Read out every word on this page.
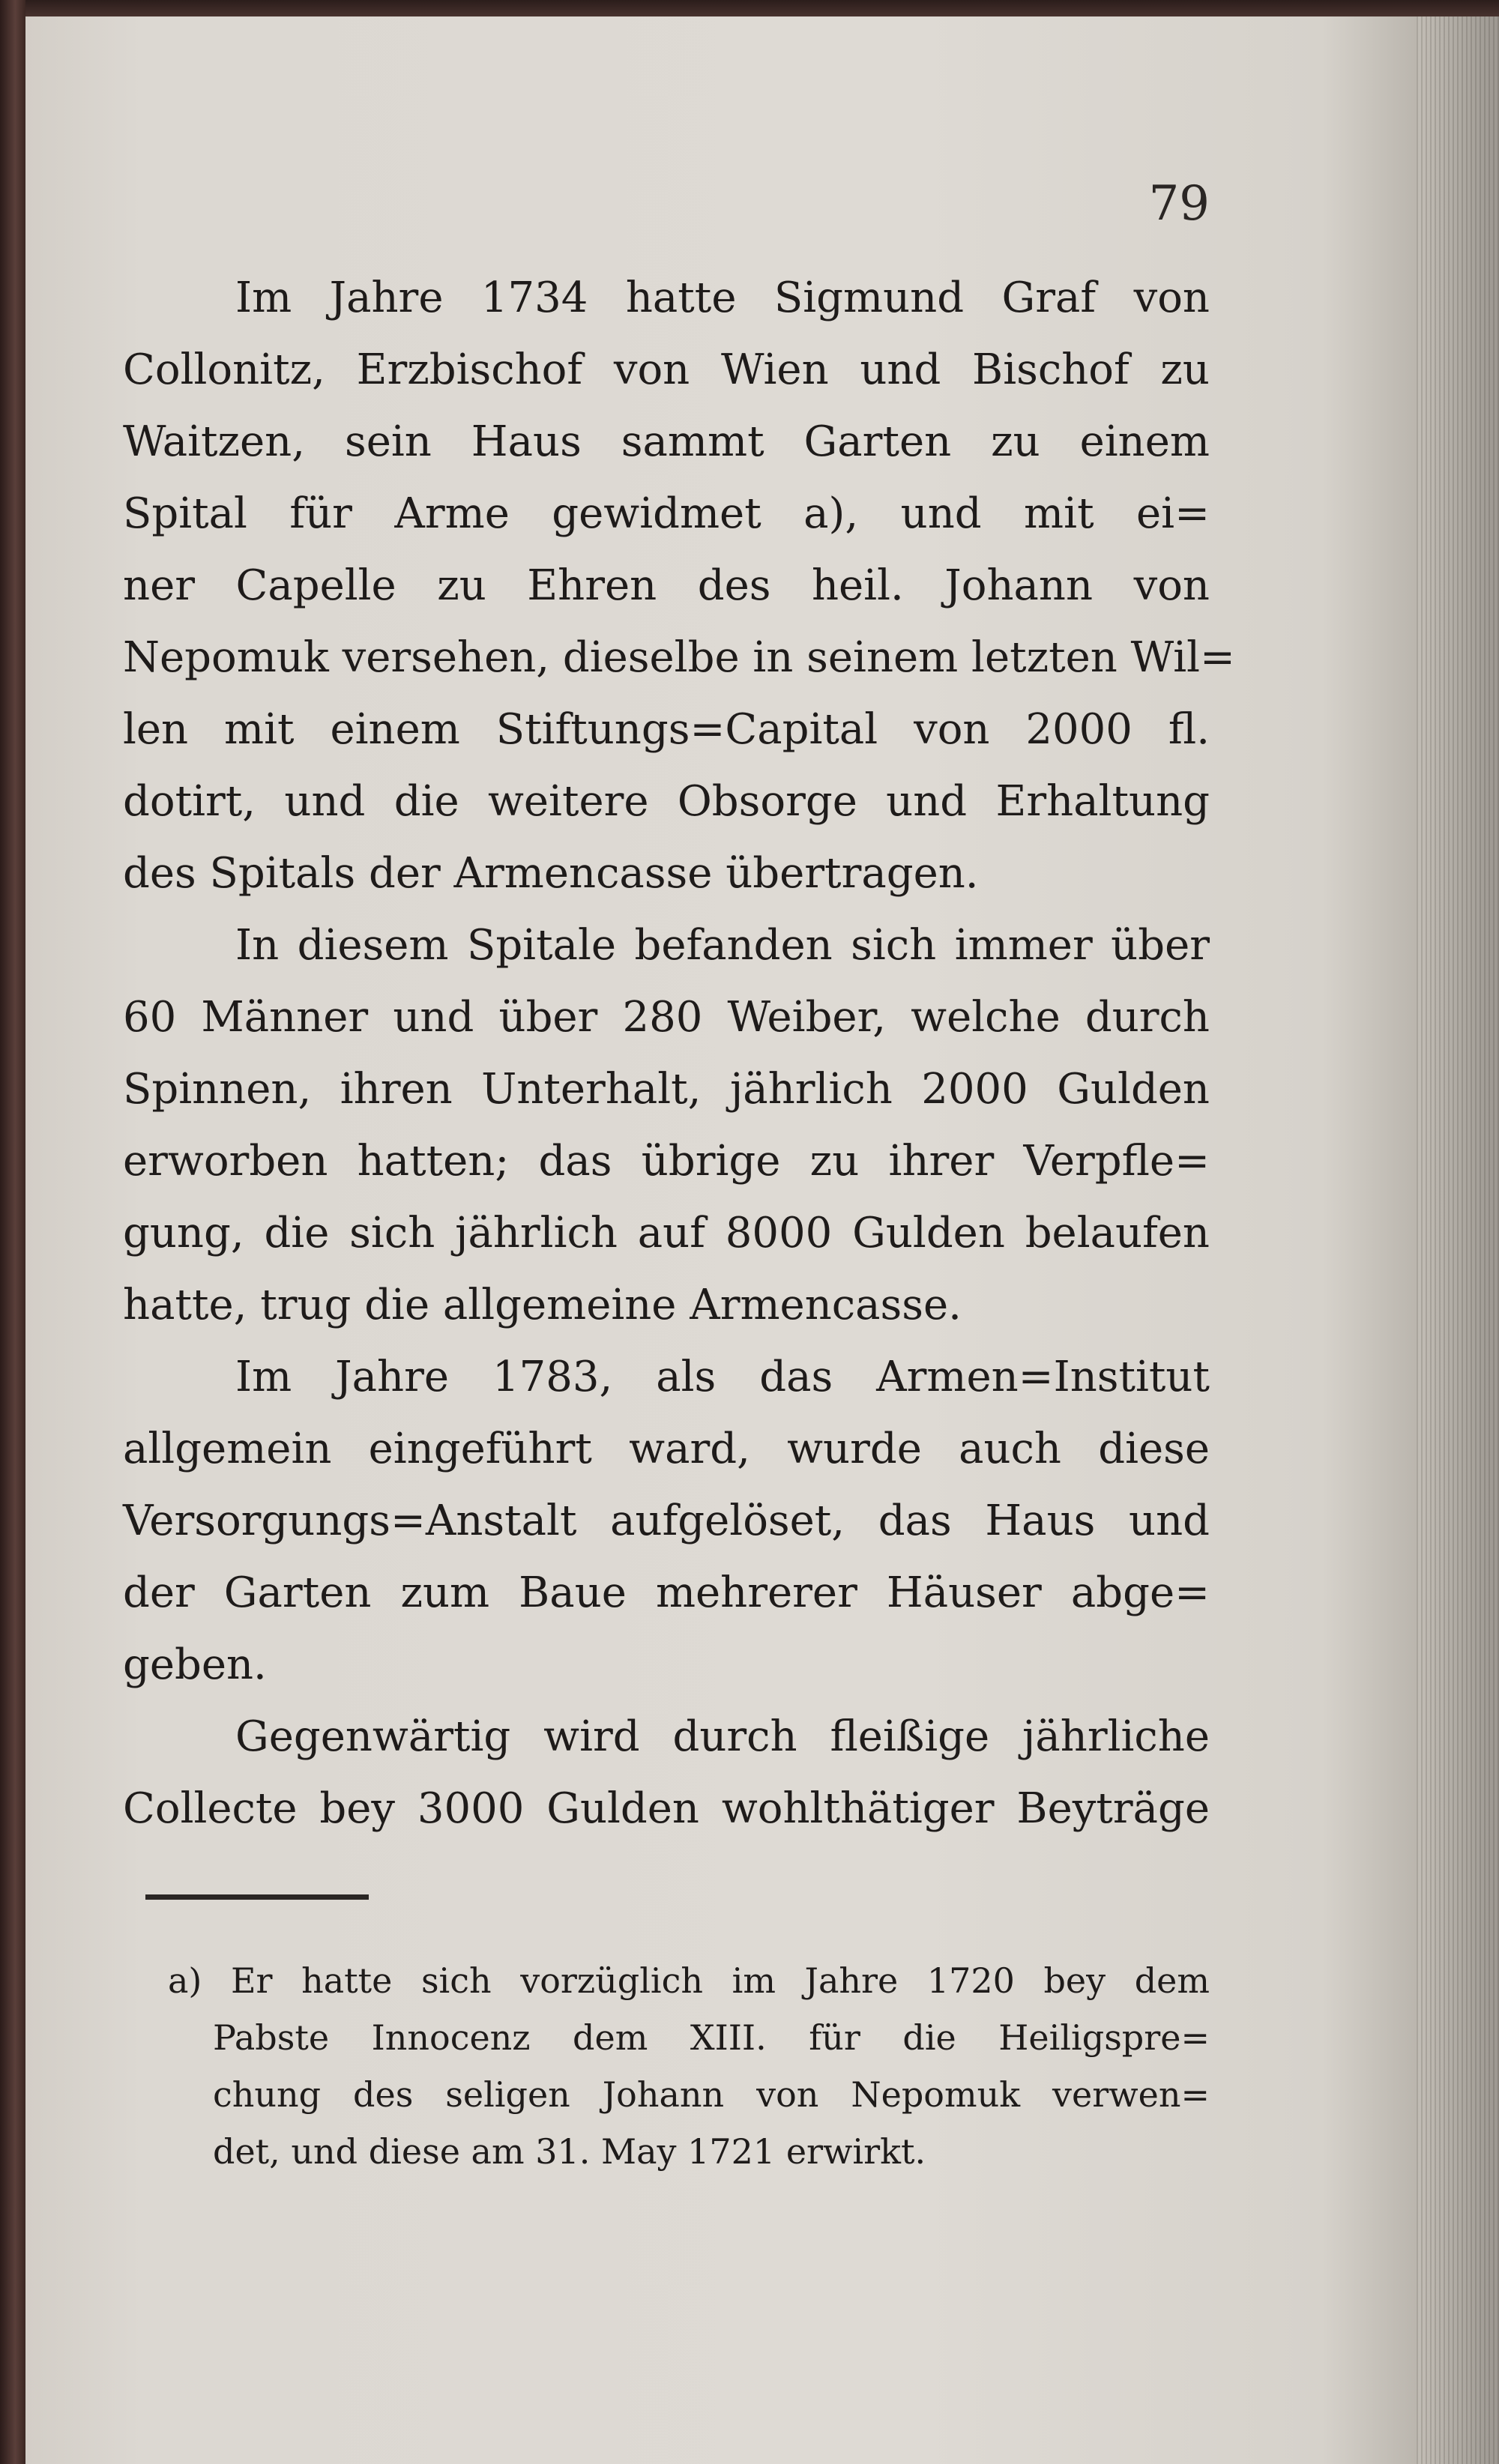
79
Im Jahre 1734 hatte Sigmund Graf von
Collonitz, Erzbischof von Wien und Bischof zu
Waitzen, sein Haus sammt Garten zu einem
Spital für Arme gewidmet a), und mit ei=
ner Capelle zu Ehren des heil. Johann von
Nepomuk versehen, dieselbe in seinem letzten Wil=
len mit einem Stiftungs=Capital von 2000 fl.
dotirt, und die weitere Obsorge und Erhaltung
des Spitals der Armencasse übertragen.
In diesem Spitale befanden sich immer über
60 Männer und über 280 Weiber, welche durch
Spinnen, ihren Unterhalt, jährlich 2000 Gulden
erworben hatten; das übrige zu ihrer Verpfle=
gung, die sich jährlich auf 8000 Gulden belaufen
hatte, trug die allgemeine Armencasse.
Im Jahre 1783, als das Armen=Institut
allgemein eingeführt ward, wurde auch diese
Versorgungs=Anstalt aufgelöset, das Haus und
der Garten zum Baue mehrerer Häuser abge=
geben.
Gegenwärtig wird durch fleißige jährliche
Collecte bey 3000 Gulden wohlthätiger Beyträge
a) Er hatte sich vorzüglich im Jahre 1720 bey dem
Pabste Innocenz dem XIII. für die Heiligspre=
chung des seligen Johann von Nepomuk verwen=
det, und diese am 31. May 1721 erwirkt.
